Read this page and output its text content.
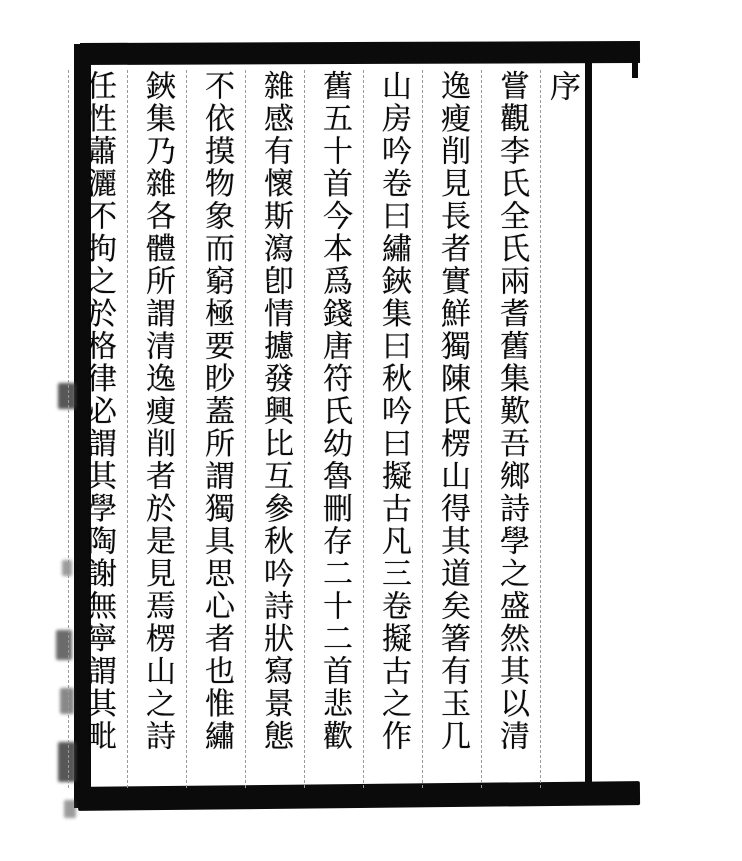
序
嘗觀李氏全氏兩耆舊集歎吾鄉詩學之盛然其以清
逸瘦削見長者實鮮獨陳氏楞山得其道矣箸有玉几
山房吟卷曰繡鋏集曰秋吟曰擬古凡三卷擬古之作
舊五十首今本爲錢唐符氏幼魯刪存二十二首悲歡
雜感有懷斯瀉卽情攄發興比互參秋吟詩狀寫景態
不依摸物象而窮極要眇蓋所謂獨具思心者也惟繡
鋏集乃雜各體所謂清逸瘦削者於是見焉楞山之詩
任性蕭灑不拘之於格律必謂其學陶謝無寧謂其毗
